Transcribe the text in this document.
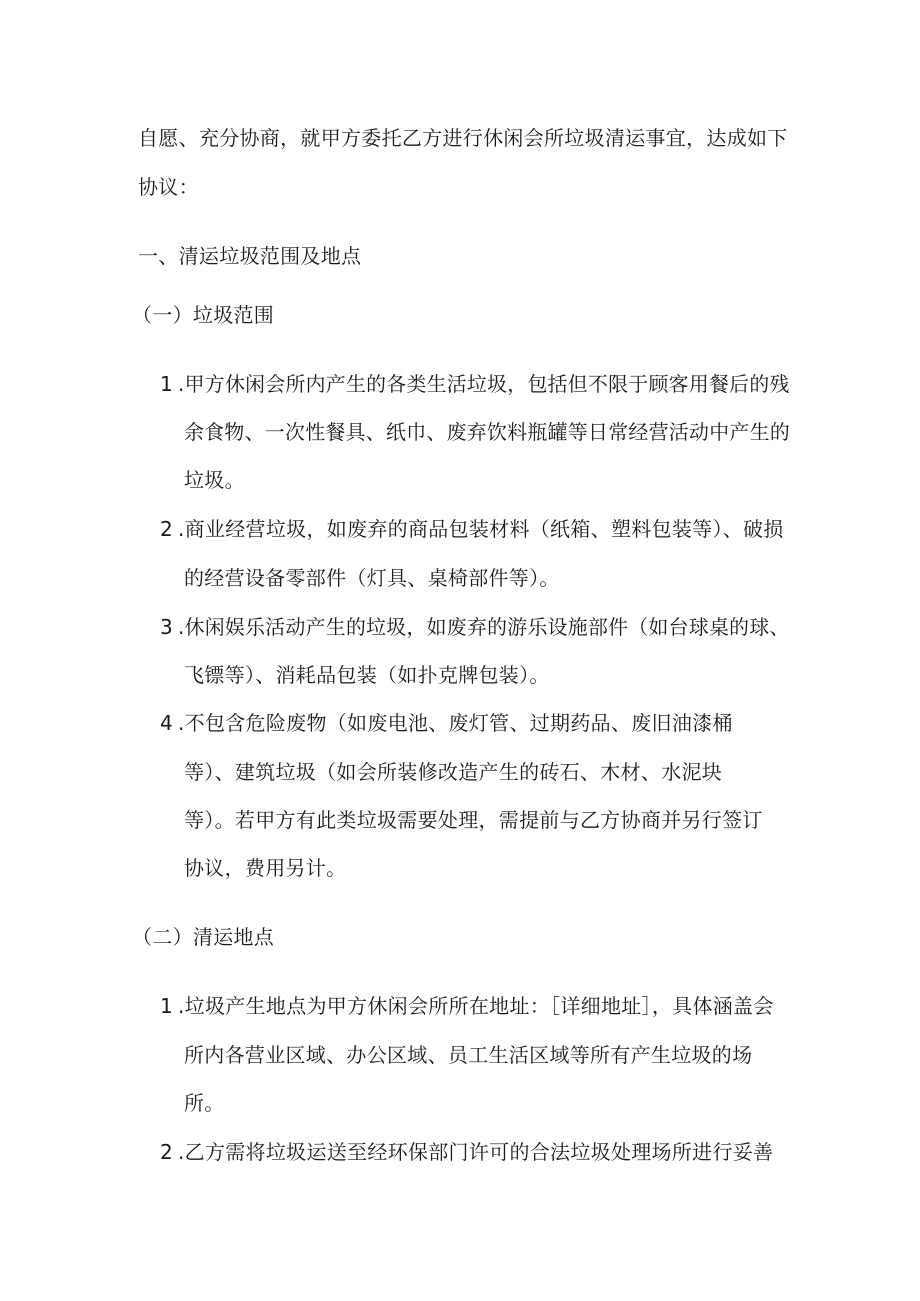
自愿、充分协商，就甲方委托乙方进行休闲会所垃圾清运事宜，达成如下
协议：
一、清运垃圾范围及地点
（一）垃圾范围
1 .甲方休闲会所内产生的各类生活垃圾，包括但不限于顾客用餐后的残
余食物、一次性餐具、纸巾、废弃饮料瓶罐等日常经营活动中产生的
垃圾。
2 .商业经营垃圾，如废弃的商品包装材料（纸箱、塑料包装等）、破损
的经营设备零部件（灯具、桌椅部件等）。
3 .休闲娱乐活动产生的垃圾，如废弃的游乐设施部件（如台球桌的球、
飞镖等）、消耗品包装（如扑克牌包装）。
4 .不包含危险废物（如废电池、废灯管、过期药品、废旧油漆桶
等）、建筑垃圾（如会所装修改造产生的砖石、木材、水泥块
等）。若甲方有此类垃圾需要处理，需提前与乙方协商并另行签订
协议，费用另计。
（二）清运地点
1 .垃圾产生地点为甲方休闲会所所在地址：［详细地址］，具体涵盖会
所内各营业区域、办公区域、员工生活区域等所有产生垃圾的场
所。
2 .乙方需将垃圾运送至经环保部门许可的合法垃圾处理场所进行妥善
